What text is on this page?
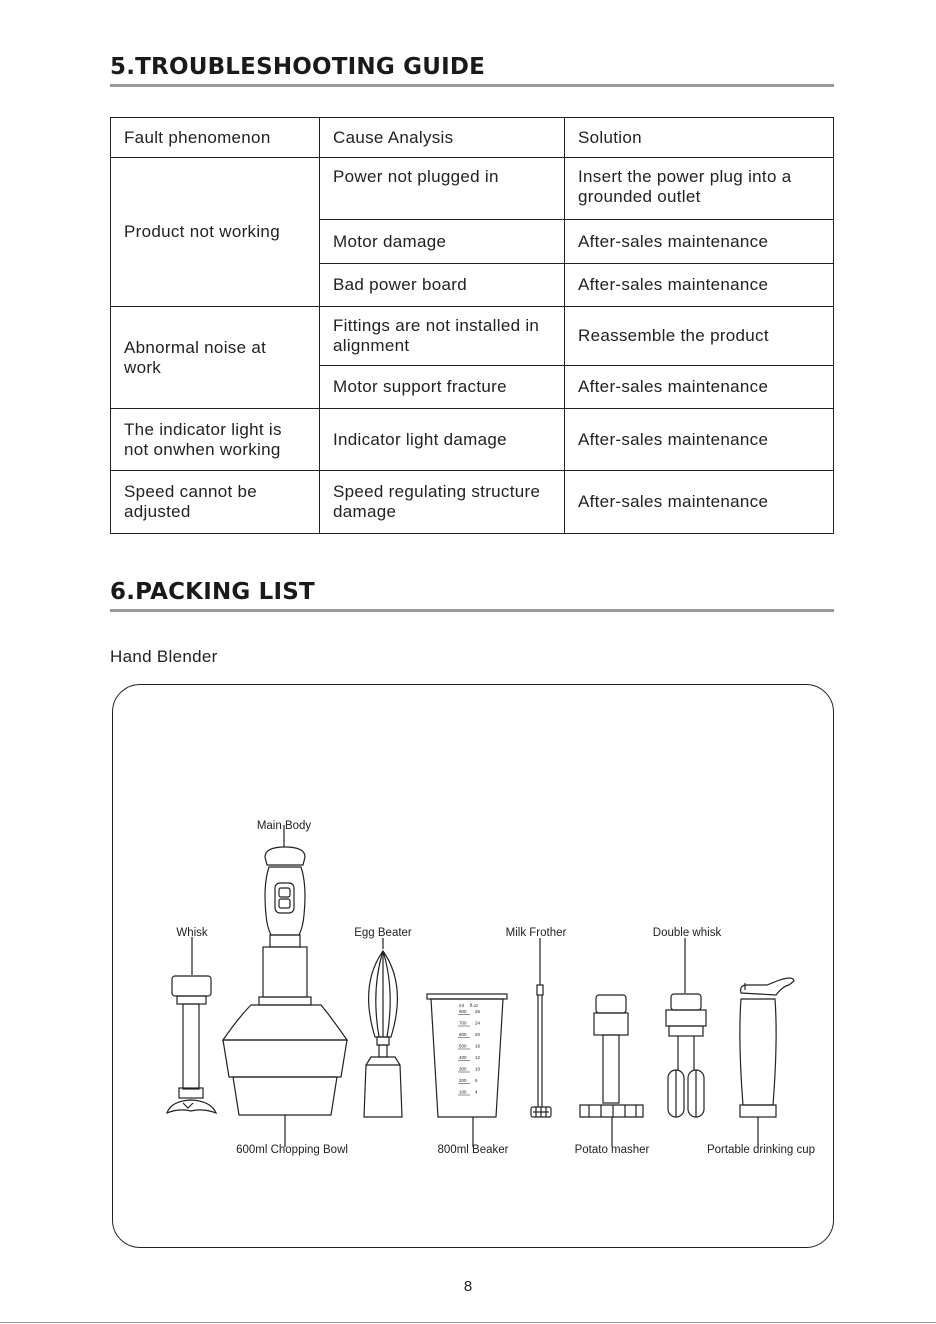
5.TROUBLESHOOTING GUIDE
Fault phenomenon	Cause Analysis	Solution
Product not working	Power not plugged in	Insert the power plug into a grounded outlet
	Motor damage	After-sales maintenance
	Bad power board	After-sales maintenance
Abnormal noise at work	Fittings are not installed in alignment	Reassemble the product
	Motor support fracture	After-sales maintenance
The indicator light is not onwhen working	Indicator light damage	After-sales maintenance
Speed cannot be adjusted	Speed regulating structure damage	After-sales maintenance
6.PACKING LIST

Hand Blender

ml fl.oz
800 26
700 24
600 20
500 16
400 12
300 10
200 6
100 4
Main Body
Whisk	Egg Beater	Milk Frother	Double whisk
600ml Chopping Bowl	800ml Beaker	Potato masher	Portable drinking cup
8
